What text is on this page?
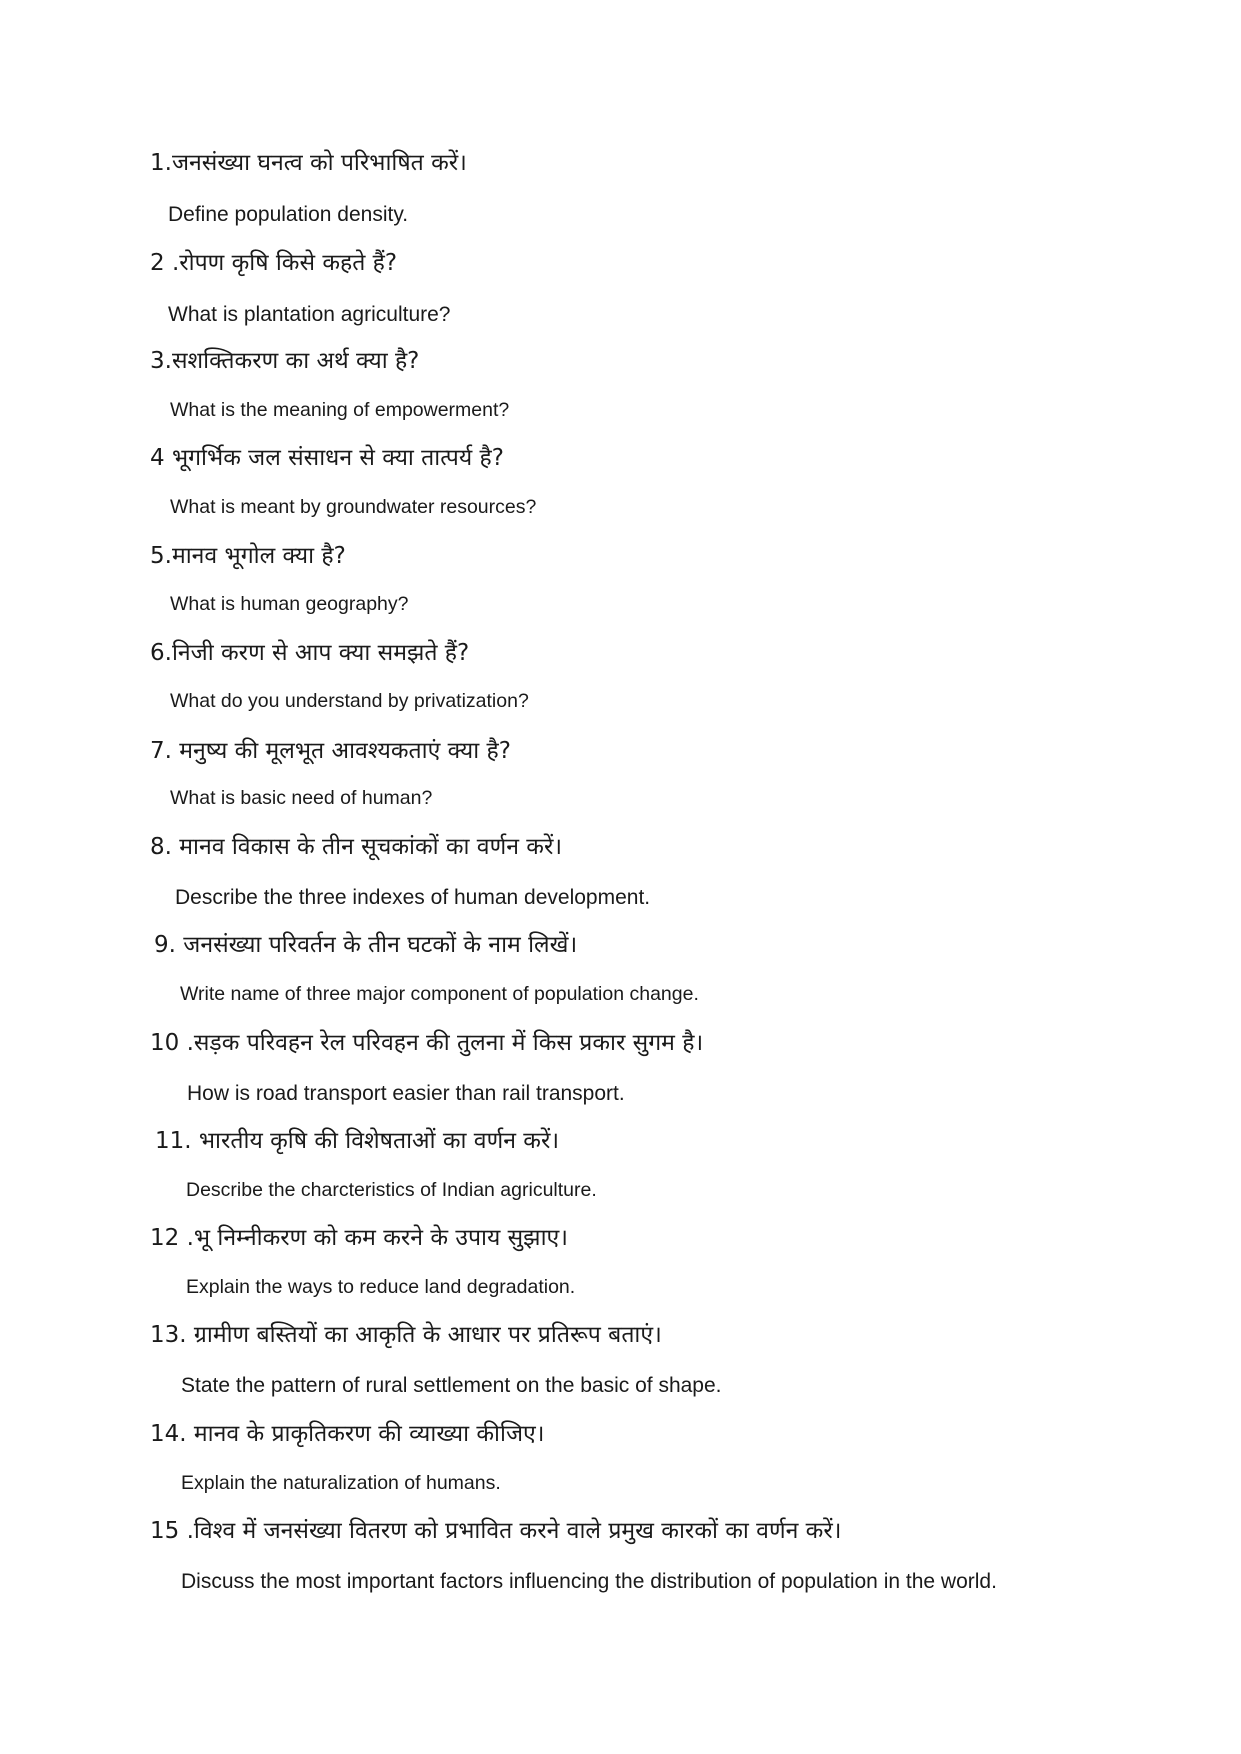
1.जनसंख्या घनत्व को परिभाषित करें।
Define population density.
2 .रोपण कृषि किसे कहते हैं?
What is plantation agriculture?
3.सशक्तिकरण का अर्थ क्या है?
What is the meaning of empowerment?
4 भूगर्भिक जल संसाधन से क्या तात्पर्य है?
What is meant by groundwater resources?
5.मानव भूगोल क्या है?
What is human geography?
6.निजी करण से आप क्या समझते हैं?
What do you understand by privatization?
7. मनुष्य की मूलभूत आवश्यकताएं क्या है?
What is basic need of human?
8. मानव विकास के तीन सूचकांकों का वर्णन करें।
Describe the three indexes of human development.
9. जनसंख्या परिवर्तन के तीन घटकों के नाम लिखें।
Write name of three major component of population change.
10 .सड़क परिवहन रेल परिवहन की तुलना में किस प्रकार सुगम है।
How is road transport easier than rail transport.
11. भारतीय कृषि की विशेषताओं का वर्णन करें।
Describe the charcteristics of Indian agriculture.
12 .भू निम्नीकरण को कम करने के उपाय सुझाए।
Explain the ways to reduce land degradation.
13. ग्रामीण बस्तियों का आकृति के आधार पर प्रतिरूप बताएं।
State the pattern of rural settlement on the basic of shape.
14. मानव के प्राकृतिकरण की व्याख्या कीजिए।
Explain the naturalization of humans.
15 .विश्व में जनसंख्या वितरण को प्रभावित करने वाले प्रमुख कारकों का वर्णन करें।
Discuss the most important factors influencing the distribution of population in the world.
